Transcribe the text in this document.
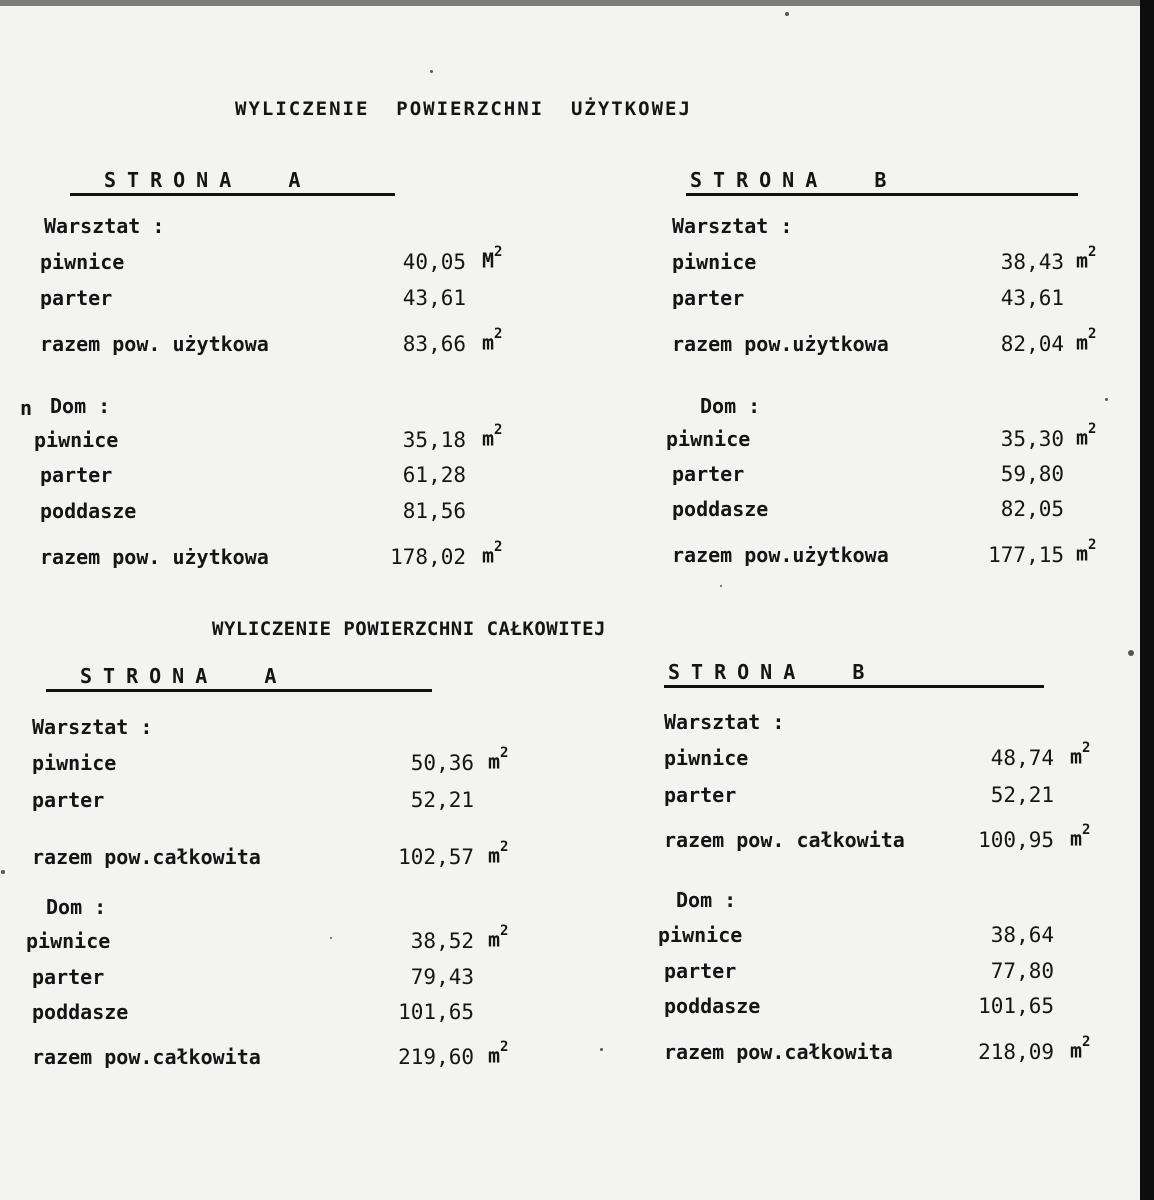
WYLICZENIE  POWIERZCHNI  UŻYTKOWEJ
WYLICZENIE POWIERZCHNI CAŁKOWITEJ
n
STRONA  A
Warsztat :
piwnice	40,05 $M^2$
parter	43,61
razem pow. użytkowa	83,66 $m^2$
Dom :
piwnice	35,18 $m^2$
parter	61,28
poddasze	81,56
razem pow. użytkowa	178,02 $m^2$
STRONA  B
Warsztat :
piwnice	38,43 $m^2$
parter	43,61
razem pow.użytkowa	82,04 $m^2$
Dom :
piwnice	35,30 $m^2$
parter	59,80
poddasze	82,05
razem pow.użytkowa	177,15 $m^2$
STRONA  A
Warsztat :
piwnice	50,36 $m^2$
parter	52,21
razem pow.całkowita	102,57 $m^2$
Dom :
piwnice	38,52 $m^2$
parter	79,43
poddasze	101,65
razem pow.całkowita	219,60 $m^2$
STRONA  B
Warsztat :
piwnice	48,74 $m^2$
parter	52,21
razem pow. całkowita	100,95 $m^2$
Dom :
piwnice	38,64
parter	77,80
poddasze	101,65
razem pow.całkowita	218,09 $m^2$
